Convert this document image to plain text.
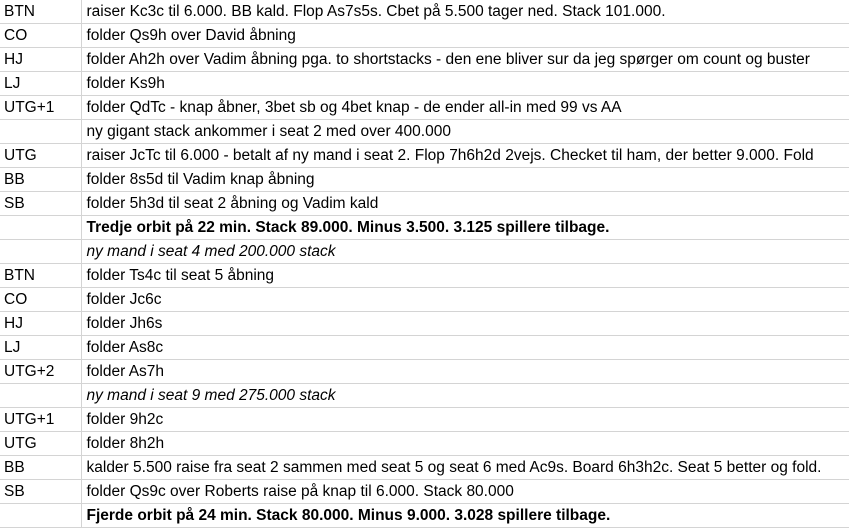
BTN	raiser Kc3c til 6.000. BB kald. Flop As7s5s. Cbet på 5.500 tager ned. Stack 101.000.
CO	folder Qs9h over David åbning
HJ	folder Ah2h over Vadim åbning pga. to shortstacks - den ene bliver sur da jeg spørger om count og buster
LJ	folder Ks9h
UTG+1	folder QdTc - knap åbner, 3bet sb og 4bet knap - de ender all-in med 99 vs AA
	ny gigant stack ankommer i seat 2 med over 400.000
UTG	raiser JcTc til 6.000 - betalt af ny mand i seat 2. Flop 7h6h2d 2vejs. Checket til ham, der better 9.000. Fold
BB	folder 8s5d til Vadim knap åbning
SB	folder 5h3d til seat 2 åbning og Vadim kald
	Tredje orbit på 22 min. Stack 89.000. Minus 3.500. 3.125 spillere tilbage.
	ny mand i seat 4 med 200.000 stack
BTN	folder Ts4c til seat 5 åbning
CO	folder Jc6c
HJ	folder Jh6s
LJ	folder As8c
UTG+2	folder As7h
	ny mand i seat 9 med 275.000 stack
UTG+1	folder 9h2c
UTG	folder 8h2h
BB	kalder 5.500 raise fra seat 2 sammen med seat 5 og seat 6 med Ac9s. Board 6h3h2c. Seat 5 better og fold.
SB	folder Qs9c over Roberts raise på knap til 6.000. Stack 80.000
	Fjerde orbit på 24 min. Stack 80.000. Minus 9.000. 3.028 spillere tilbage.
